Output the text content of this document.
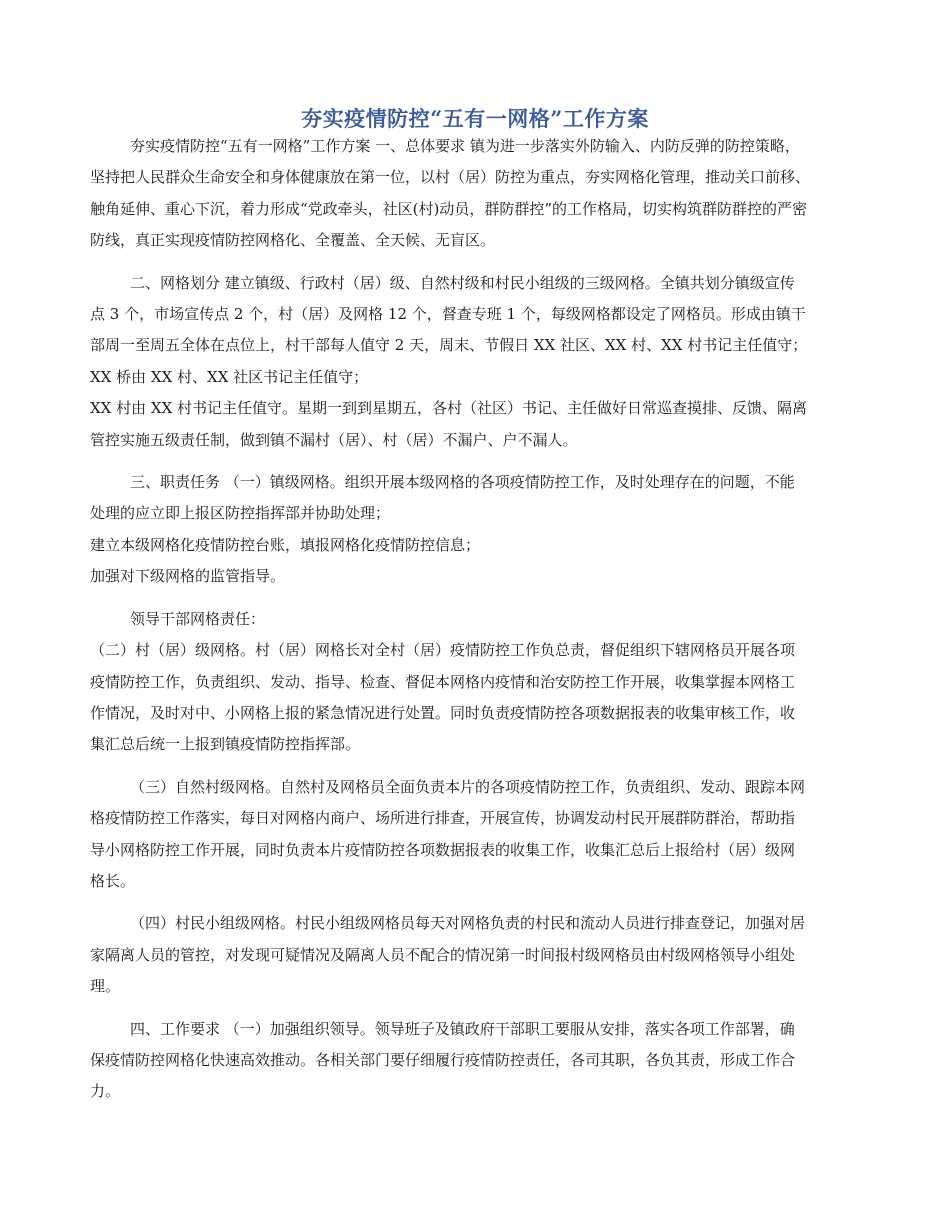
夯实疫情防控“五有一网格”工作方案
夯实疫情防控“五有一网格”工作方案 一、总体要求 镇为进一步落实外防输入、内防反弹的防控策略，
坚持把人民群众生命安全和身体健康放在第一位，以村（居）防控为重点，夯实网格化管理，推动关口前移、
触角延伸、重心下沉，着力形成“党政牵头，社区(村)动员，群防群控”的工作格局，切实构筑群防群控的严密
防线，真正实现疫情防控网格化、全覆盖、全天候、无盲区。
二、网格划分 建立镇级、行政村（居）级、自然村级和村民小组级的三级网格。全镇共划分镇级宣传
点 3 个，市场宣传点 2 个，村（居）及网格 12 个，督查专班 1 个，每级网格都设定了网格员。形成由镇干
部周一至周五全体在点位上，村干部每人值守 2 天，周末、节假日 XX 社区、XX 村、XX 村书记主任值守；
XX 桥由 XX 村、XX 社区书记主任值守；
XX 村由 XX 村书记主任值守。星期一到到星期五，各村（社区）书记、主任做好日常巡查摸排、反馈、隔离
管控实施五级责任制，做到镇不漏村（居）、村（居）不漏户、户不漏人。
三、职责任务 （一）镇级网格。组织开展本级网格的各项疫情防控工作，及时处理存在的问题，不能
处理的应立即上报区防控指挥部并协助处理；
建立本级网格化疫情防控台账，填报网格化疫情防控信息；
加强对下级网格的监管指导。
领导干部网格责任：
（二）村（居）级网格。村（居）网格长对全村（居）疫情防控工作负总责，督促组织下辖网格员开展各项
疫情防控工作，负责组织、发动、指导、检查、督促本网格内疫情和治安防控工作开展，收集掌握本网格工
作情况，及时对中、小网格上报的紧急情况进行处置。同时负责疫情防控各项数据报表的收集审核工作，收
集汇总后统一上报到镇疫情防控指挥部。
（三）自然村级网格。自然村及网格员全面负责本片的各项疫情防控工作，负责组织、发动、跟踪本网
格疫情防控工作落实，每日对网格内商户、场所进行排查，开展宣传，协调发动村民开展群防群治，帮助指
导小网格防控工作开展，同时负责本片疫情防控各项数据报表的收集工作，收集汇总后上报给村（居）级网
格长。
（四）村民小组级网格。村民小组级网格员每天对网格负责的村民和流动人员进行排查登记，加强对居
家隔离人员的管控，对发现可疑情况及隔离人员不配合的情况第一时间报村级网格员由村级网格领导小组处
理。
四、工作要求 （一）加强组织领导。领导班子及镇政府干部职工要服从安排，落实各项工作部署，确
保疫情防控网格化快速高效推动。各相关部门要仔细履行疫情防控责任，各司其职，各负其责，形成工作合
力。
